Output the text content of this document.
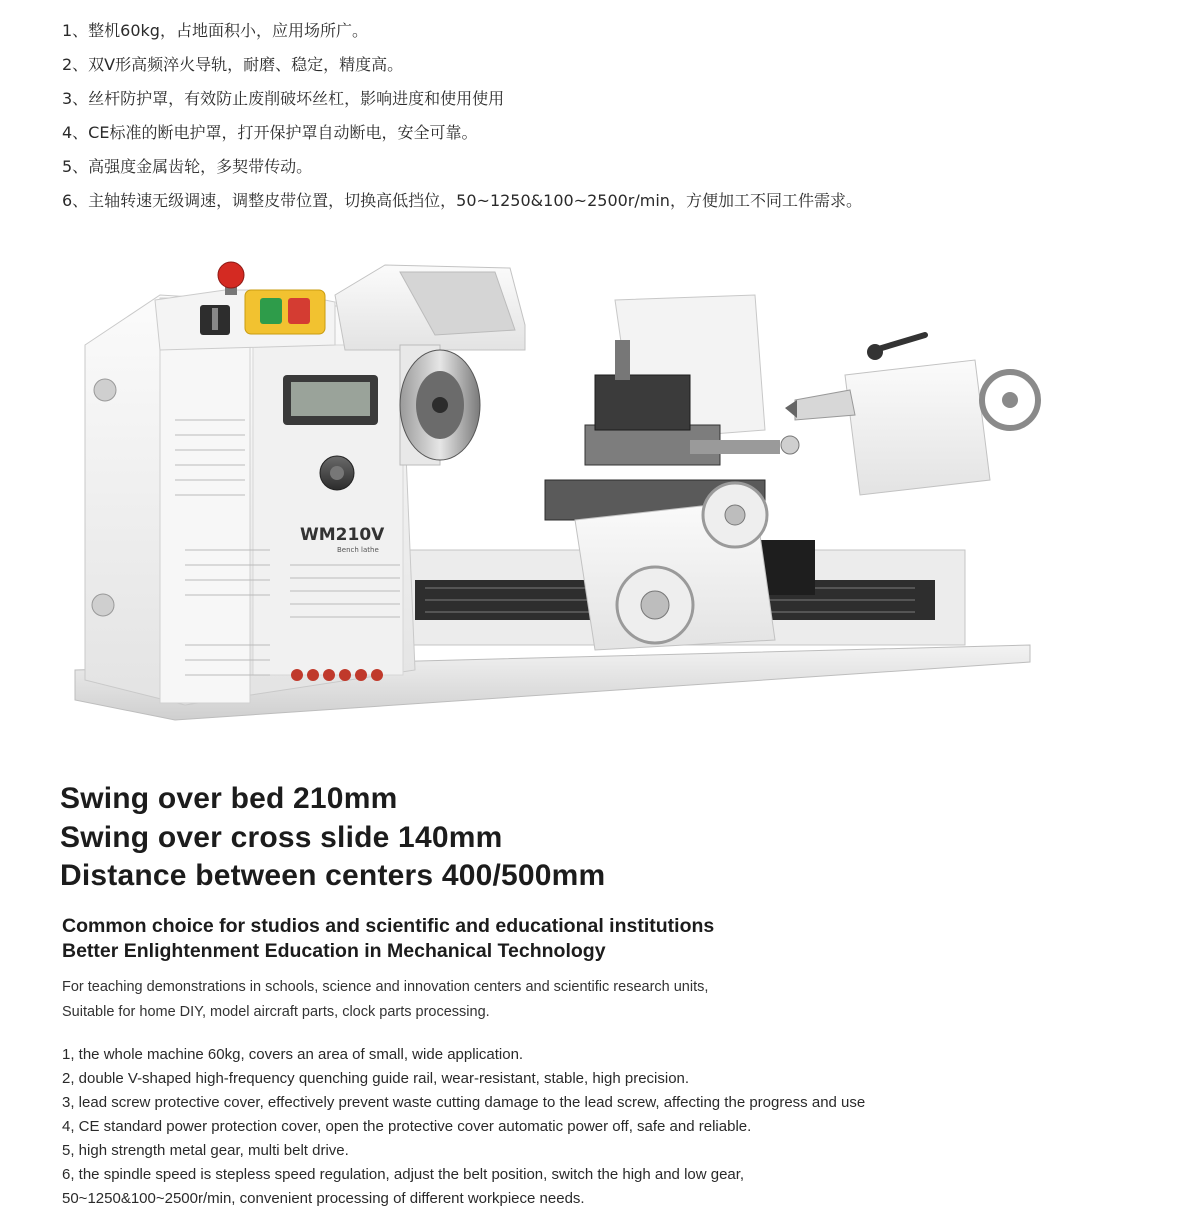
1、整机60kg，占地面积小，应用场所广。
2、双V形高频淬火导轨，耐磨、稳定，精度高。
3、丝杆防护罩，有效防止废削破坏丝杠，影响进度和使用使用
4、CE标准的断电护罩，打开保护罩自动断电，安全可靠。
5、高强度金属齿轮，多契带传动。
6、主轴转速无级调速，调整皮带位置，切换高低挡位，50~1250&100~2500r/min，方便加工不同工件需求。
WM210V
Bench lathe
Swing over bed 210mm
Swing over cross slide 140mm
Distance between centers 400/500mm
Common choice for studios and scientific and educational institutions
Better Enlightenment Education in Mechanical Technology
For teaching demonstrations in schools, science and innovation centers and scientific research units,
Suitable for home DIY, model aircraft parts, clock parts processing.
1, the whole machine 60kg, covers an area of small, wide application.
2, double V-shaped high-frequency quenching guide rail, wear-resistant, stable, high precision.
3, lead screw protective cover, effectively prevent waste cutting damage to the lead screw, affecting the progress and use
4, CE standard power protection cover, open the protective cover automatic power off, safe and reliable.
5, high strength metal gear, multi belt drive.
6, the spindle speed is stepless speed regulation, adjust the belt position, switch the high and low gear,
50~1250&100~2500r/min, convenient processing of different workpiece needs.
